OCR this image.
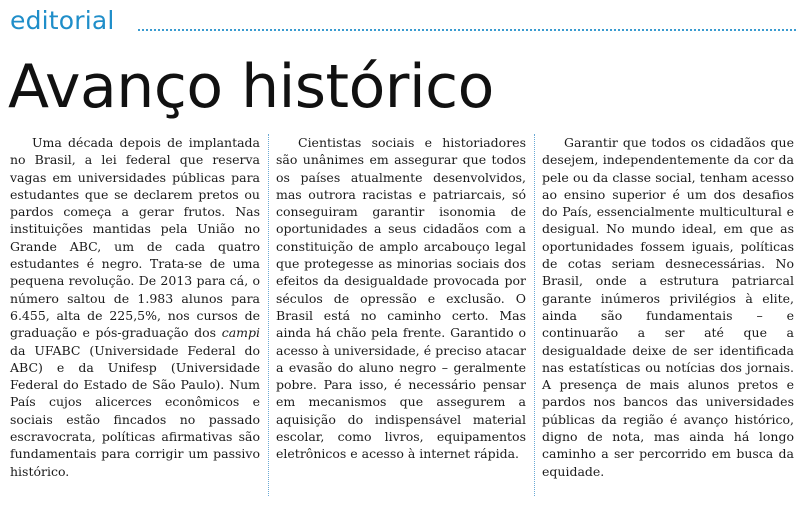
editorial
Avanço histórico

Uma década depois de implantada no Brasil, a lei federal que reserva vagas em universidades públicas para estudantes que se declarem pretos ou pardos começa a gerar frutos. Nas instituições mantidas pela União no Grande ABC, um de cada quatro estudantes é negro. Trata-se de uma pequena revolução. De 2013 para cá, o número saltou de 1.983 alunos para 6.455, alta de 225,5%, nos cursos de graduação e pós-graduação dos campi da UFABC (Universidade Federal do ABC) e da Unifesp (Universidade Federal do Estado de São Paulo). Num País cujos alicerces econômicos e sociais estão fincados no passado escravocrata, políticas afirmativas são fundamentais para corrigir um passivo histórico.

Cientistas sociais e historiadores são unânimes em assegurar que todos os países atualmente desenvolvidos, mas outrora racistas e patriarcais, só conseguiram garantir isonomia de oportunidades a seus cidadãos com a constituição de amplo arcabouço legal que protegesse as minorias sociais dos efeitos da desigualdade provocada por séculos de opressão e exclusão. O Brasil está no caminho certo. Mas ainda há chão pela frente. Garantido o acesso à universidade, é preciso atacar a evasão do aluno negro – geralmente pobre. Para isso, é necessário pensar em mecanismos que assegurem a aquisição do indispensável material escolar, como livros, equipamentos eletrônicos e acesso à internet rápida.

Garantir que todos os cidadãos que desejem, independentemente da cor da pele ou da classe social, tenham acesso ao ensino superior é um dos desafios do País, essencialmente multicultural e desigual. No mundo ideal, em que as oportunidades fossem iguais, políticas de cotas seriam desnecessárias. No Brasil, onde a estrutura patriarcal garante inúmeros privilégios à elite, ainda são fundamentais – e continuarão a ser até que a desigualdade deixe de ser identificada nas estatísticas ou notícias dos jornais. A presença de mais alunos pretos e pardos nos bancos das universidades públicas da região é avanço histórico, digno de nota, mas ainda há longo caminho a ser percorrido em busca da equidade.
